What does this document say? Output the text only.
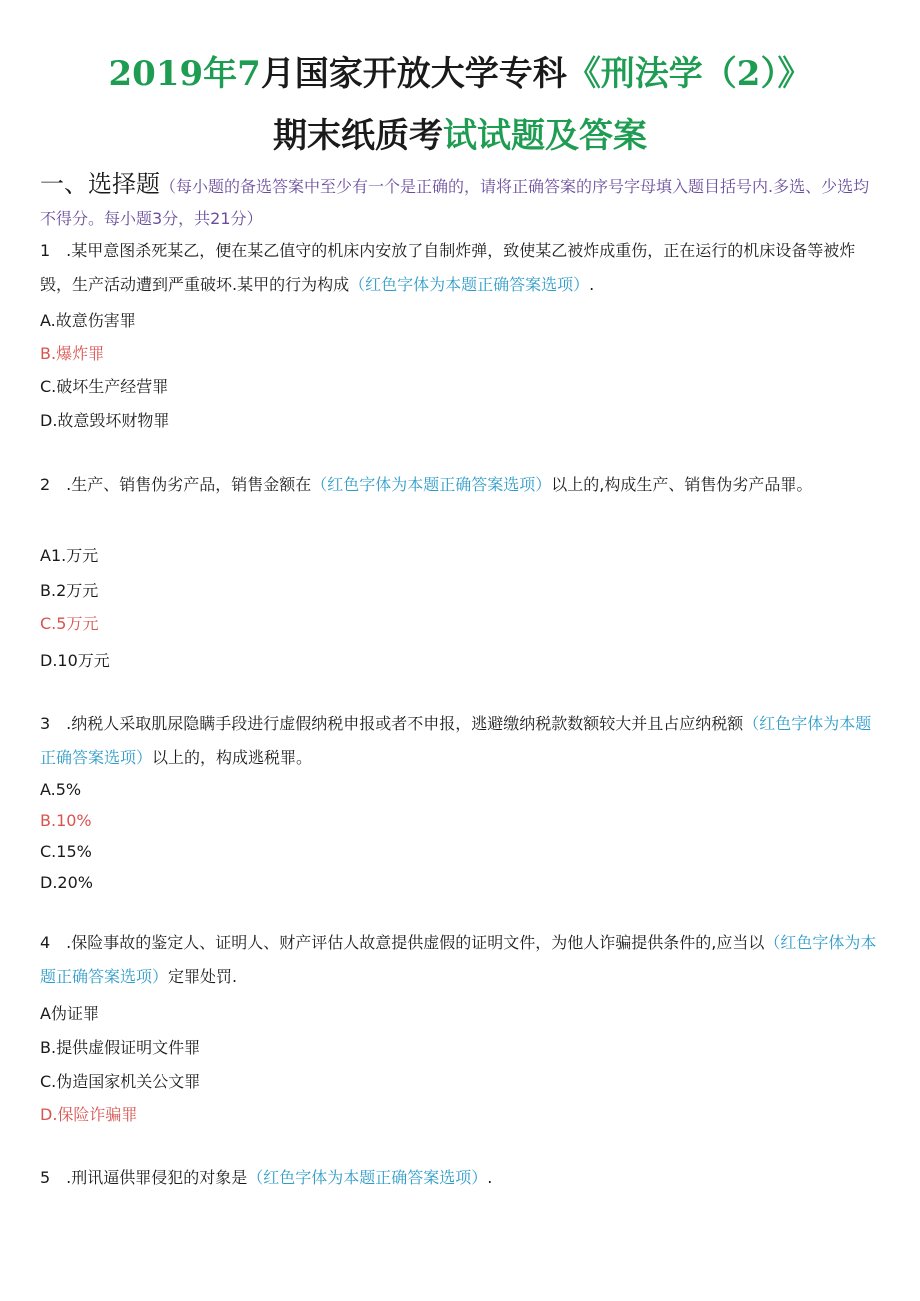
2019年7月国家开放大学专科《刑法学（2）》
期末纸质考试试题及答案
一、选择题（每小题的备选答案中至少有一个是正确的，请将正确答案的序号字母填入题目括号内.多选、少选均不得分。每小题3分，共21分）
1　.某甲意图杀死某乙，便在某乙值守的机床内安放了自制炸弹，致使某乙被炸成重伤，正在运行的机床设备等被炸毁，生产活动遭到严重破坏.某甲的行为构成（红色字体为本题正确答案选项）.
A.故意伤害罪
B.爆炸罪
C.破坏生产经营罪
D.故意毁坏财物罪
2　.生产、销售伪劣产品，销售金额在（红色字体为本题正确答案选项）以上的,构成生产、销售伪劣产品罪。
A1.万元
B.2万元
C.5万元
D.10万元
3　.纳税人采取肌尿隐瞒手段进行虚假纳税申报或者不申报，逃避缴纳税款数额较大并且占应纳税额（红色字体为本题正确答案选项）以上的，构成逃税罪。
A.5%
B.10%
C.15%
D.20%
4　.保险事故的鉴定人、证明人、财产评估人故意提供虚假的证明文件，为他人诈骗提供条件的,应当以（红色字体为本题正确答案选项）定罪处罚.
A伪证罪
B.提供虚假证明文件罪
C.伪造国家机关公文罪
D.保险诈骗罪
5　.刑讯逼供罪侵犯的对象是（红色字体为本题正确答案选项）.
